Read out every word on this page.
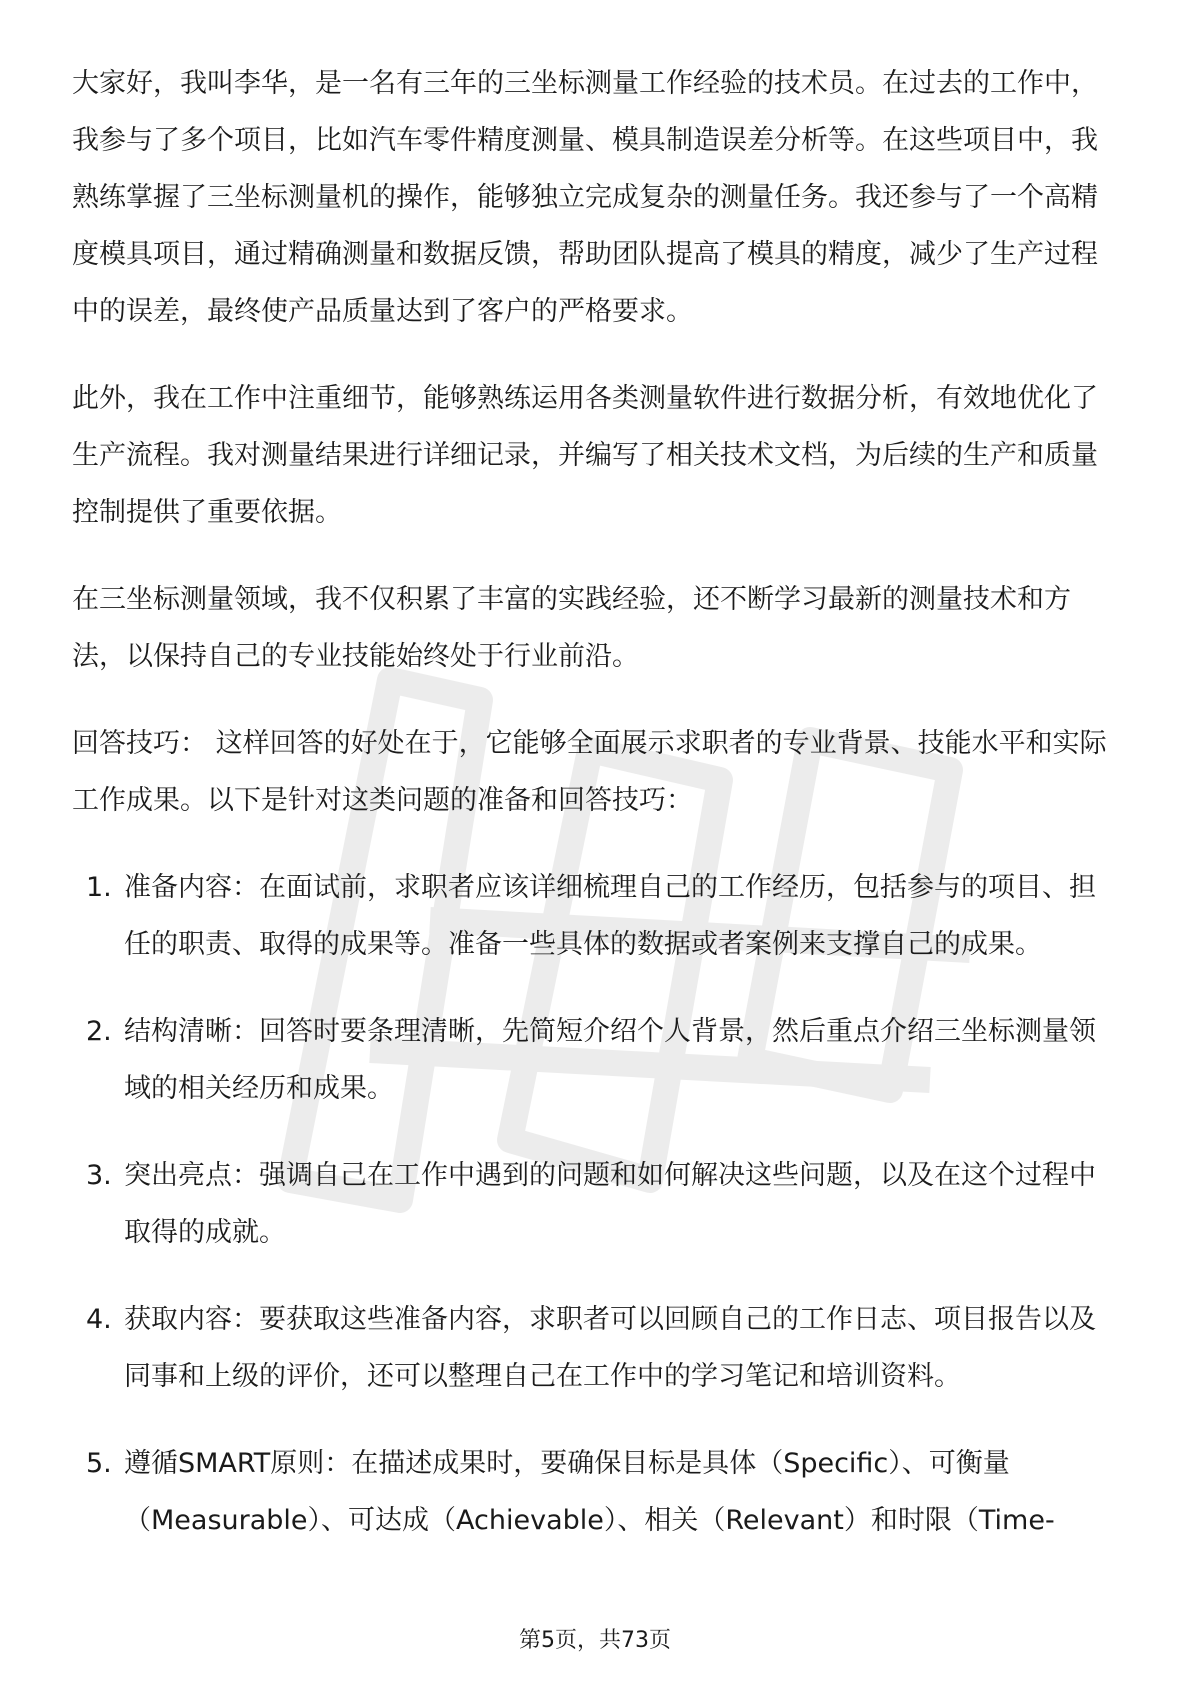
大家好，我叫李华，是一名有三年的三坐标测量工作经验的技术员。在过去的工作中，我参与了多个项目，比如汽车零件精度测量、模具制造误差分析等。在这些项目中，我熟练掌握了三坐标测量机的操作，能够独立完成复杂的测量任务。我还参与了一个高精度模具项目，通过精确测量和数据反馈，帮助团队提高了模具的精度，减少了生产过程中的误差，最终使产品质量达到了客户的严格要求。

此外，我在工作中注重细节，能够熟练运用各类测量软件进行数据分析，有效地优化了生产流程。我对测量结果进行详细记录，并编写了相关技术文档，为后续的生产和质量控制提供了重要依据。

在三坐标测量领域，我不仅积累了丰富的实践经验，还不断学习最新的测量技术和方法，以保持自己的专业技能始终处于行业前沿。

回答技巧： 这样回答的好处在于，它能够全面展示求职者的专业背景、技能水平和实际工作成果。以下是针对这类问题的准备和回答技巧：

1. 准备内容：在面试前，求职者应该详细梳理自己的工作经历，包括参与的项目、担任的职责、取得的成果等。准备一些具体的数据或者案例来支撑自己的成果。
2. 结构清晰：回答时要条理清晰，先简短介绍个人背景，然后重点介绍三坐标测量领域的相关经历和成果。
3. 突出亮点：强调自己在工作中遇到的问题和如何解决这些问题，以及在这个过程中取得的成就。
4. 获取内容：要获取这些准备内容，求职者可以回顾自己的工作日志、项目报告以及同事和上级的评价，还可以整理自己在工作中的学习笔记和培训资料。
5. 遵循SMART原则：在描述成果时，要确保目标是具体（Specific）、可衡量（Measurable）、可达成（Achievable）、相关（Relevant）和时限（Time-
第5页，共73页
